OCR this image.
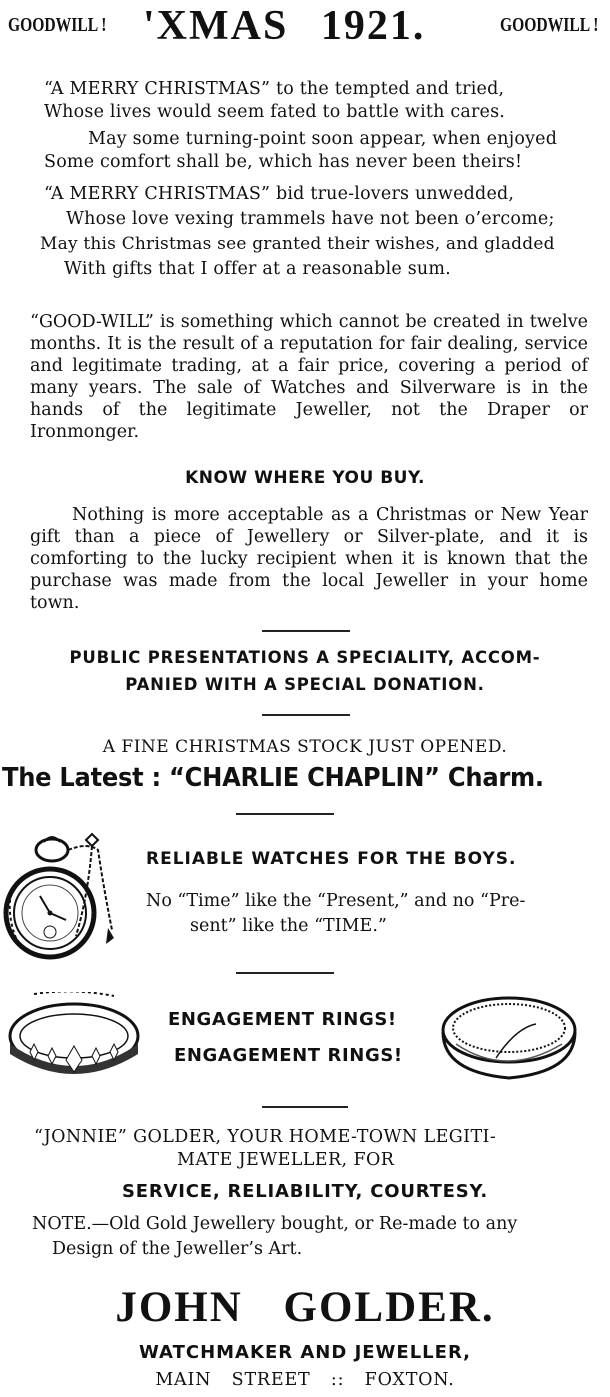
GOODWILL ! 'XMAS 1921.	GOODWILL !
“A MERRY CHRISTMAS” to the tempted and tried,
Whose lives would seem fated to battle with cares.
May some turning-point soon appear, when enjoyed
Some comfort shall be, which has never been theirs!
“A MERRY CHRISTMAS” bid true-lovers unwedded,
Whose love vexing trammels have not been o’ercome;
May this Christmas see granted their wishes, and gladded
With gifts that I offer at a reasonable sum.

“GOOD-WILL” is something which cannot be created in twelve months. It is the result of a reputation for fair dealing, service and legitimate trading, at a fair price, covering a period of many years. The sale of Watches and Silverware is in the hands of the legitimate Jeweller, not the Draper or Ironmonger.

KNOW WHERE YOU BUY.

Nothing is more acceptable as a Christmas or New Year gift than a piece of Jewellery or Silver-plate, and it is comforting to the lucky recipient when it is known that the purchase was made from the local Jeweller in your home town.

PUBLIC PRESENTATIONS A SPECIALITY, ACCOM-
PANIED WITH A SPECIAL DONATION.
A FINE CHRISTMAS STOCK JUST OPENED.
The Latest : “CHARLIE CHAPLIN” Charm.
RELIABLE WATCHES FOR THE BOYS.
No “Time” like the “Present,” and no “Pre-
sent” like the “TIME.”
ENGAGEMENT RINGS!
ENGAGEMENT RINGS!
“JONNIE” GOLDER, YOUR HOME-TOWN LEGITI-
MATE JEWELLER, FOR
SERVICE, RELIABILITY, COURTESY.
NOTE.—Old Gold Jewellery bought, or Re-made to any
Design of the Jeweller’s Art.
JOHN GOLDER.
WATCHMAKER AND JEWELLER,
MAIN STREET :: FOXTON.
